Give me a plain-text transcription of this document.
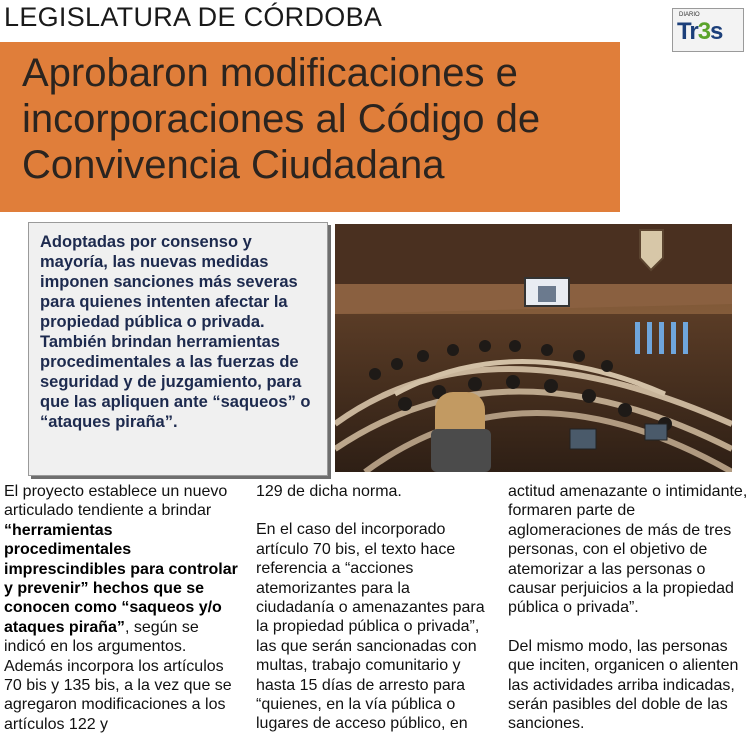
LEGISLATURA DE CÓRDOBA	DIARIO
Tr3s
Aprobaron modificaciones e incorporaciones al Código de Convivencia Ciudadana
Adoptadas por consenso y mayoría, las nuevas medidas imponen sanciones más severas para quienes intenten afectar la propiedad pública o privada.
También brindan herramientas procedimentales a las fuerzas de seguridad y de juzgamiento, para que las apliquen ante “saqueos” o “ataques piraña”.

El proyecto establece un nuevo articulado tendiente a brindar “herramientas procedimentales imprescindibles para controlar y prevenir” hechos que se conocen como “saqueos y/o ataques piraña”, según se indicó en los argumentos. Además incorpora los artículos 70 bis y 135 bis, a la vez que se agregaron modificaciones a los artículos 122 y

129 de dicha norma.

En el caso del incorporado artículo 70 bis, el texto hace referencia a “acciones atemorizantes para la ciudadanía o amenazantes para la propiedad pública o privada”, las que serán sancionadas con multas, trabajo comunitario y hasta 15 días de arresto para “quienes, en la vía pública o lugares de acceso público, en

actitud amenazante o intimidante, formaren parte de aglomeraciones de más de tres personas, con el objetivo de atemorizar a las personas o causar perjuicios a la propiedad pública o privada”.

Del mismo modo, las personas que inciten, organicen o alienten las actividades arriba indicadas, serán pasibles del doble de las sanciones.
